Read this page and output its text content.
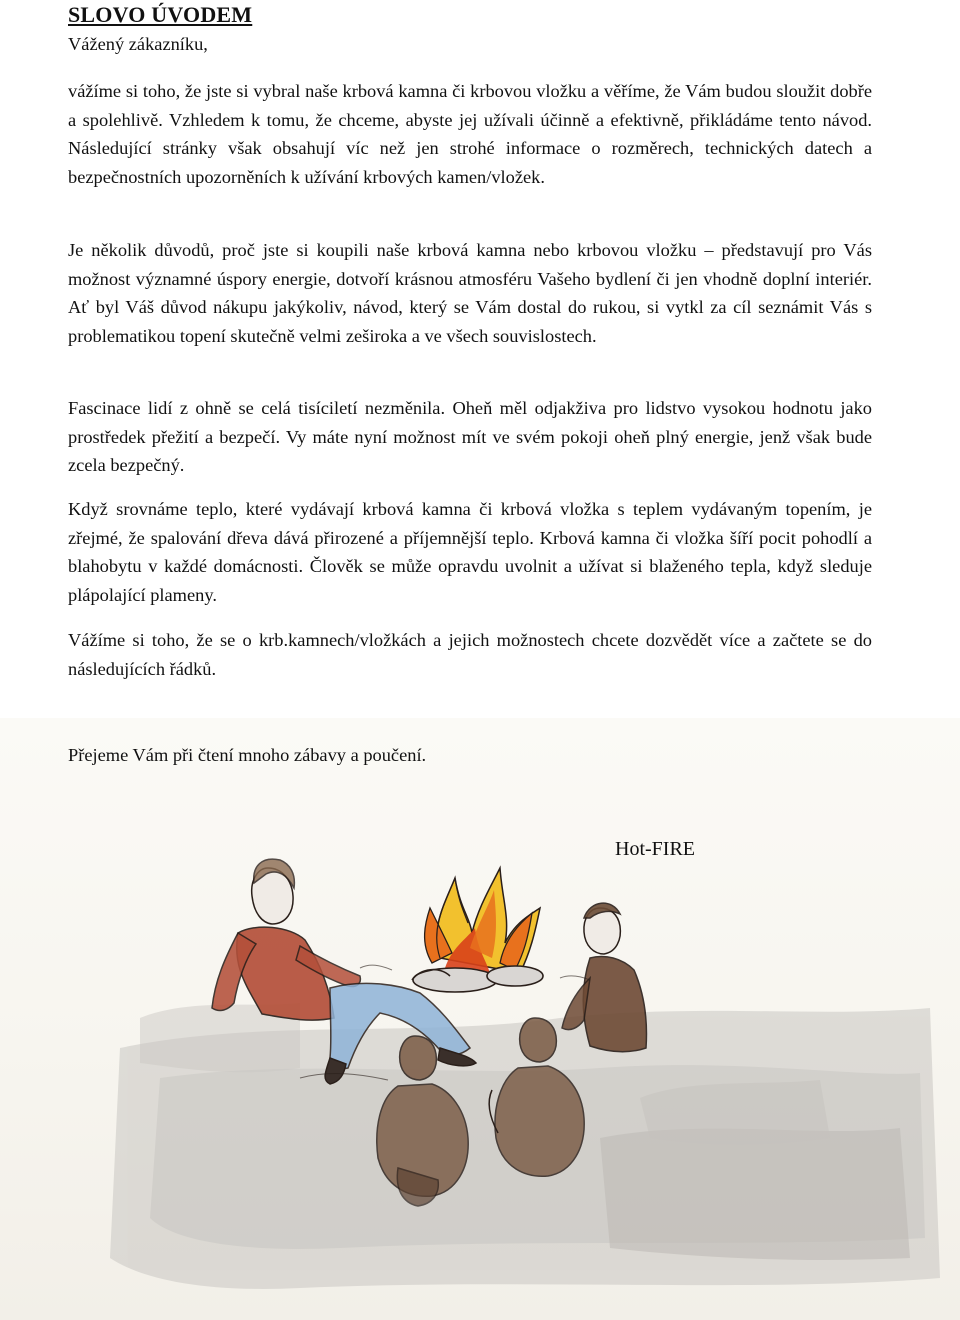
SLOVO ÚVODEM
Vážený zákazníku,

vážíme si toho, že jste si vybral naše krbová kamna či krbovou vložku a věříme, že Vám budou sloužit dobře a spolehlivě. Vzhledem k tomu, že chceme, abyste jej užívali účinně a efektivně, přikládáme tento návod. Následující stránky však obsahují víc než jen strohé informace o rozměrech, technických datech a bezpečnostních upozorněních k užívání krbových kamen/vložek.

Je několik důvodů, proč jste si koupili naše krbová kamna nebo krbovou vložku – představují pro Vás možnost významné úspory energie, dotvoří krásnou atmosféru Vašeho bydlení či jen vhodně doplní interiér. Ať byl Váš důvod nákupu jakýkoliv, návod, který se Vám dostal do rukou, si vytkl za cíl seznámit Vás s problematikou topení skutečně velmi zeširoka a ve všech souvislostech.

Fascinace lidí z ohně se celá tisíciletí nezměnila. Oheň měl odjakživa pro lidstvo vysokou hodnotu jako prostředek přežití a bezpečí. Vy máte nyní možnost mít ve svém pokoji oheň plný energie, jenž však bude zcela bezpečný.

Když srovnáme teplo, které vydávají krbová kamna či krbová vložka s teplem vydávaným topením, je zřejmé, že spalování dřeva dává přirozené a příjemnější teplo. Krbová kamna či vložka šíří pocit pohodlí a blahobytu v každé domácnosti. Člověk se může opravdu uvolnit a užívat si blaženého tepla, když sleduje plápolající plameny.

Vážíme si toho, že se o krb.kamnech/vložkách a jejich možnostech chcete dozvědět více a začtete se do následujících řádků.

Přejeme Vám při čtení mnoho zábavy a poučení.
Hot-FIRE
